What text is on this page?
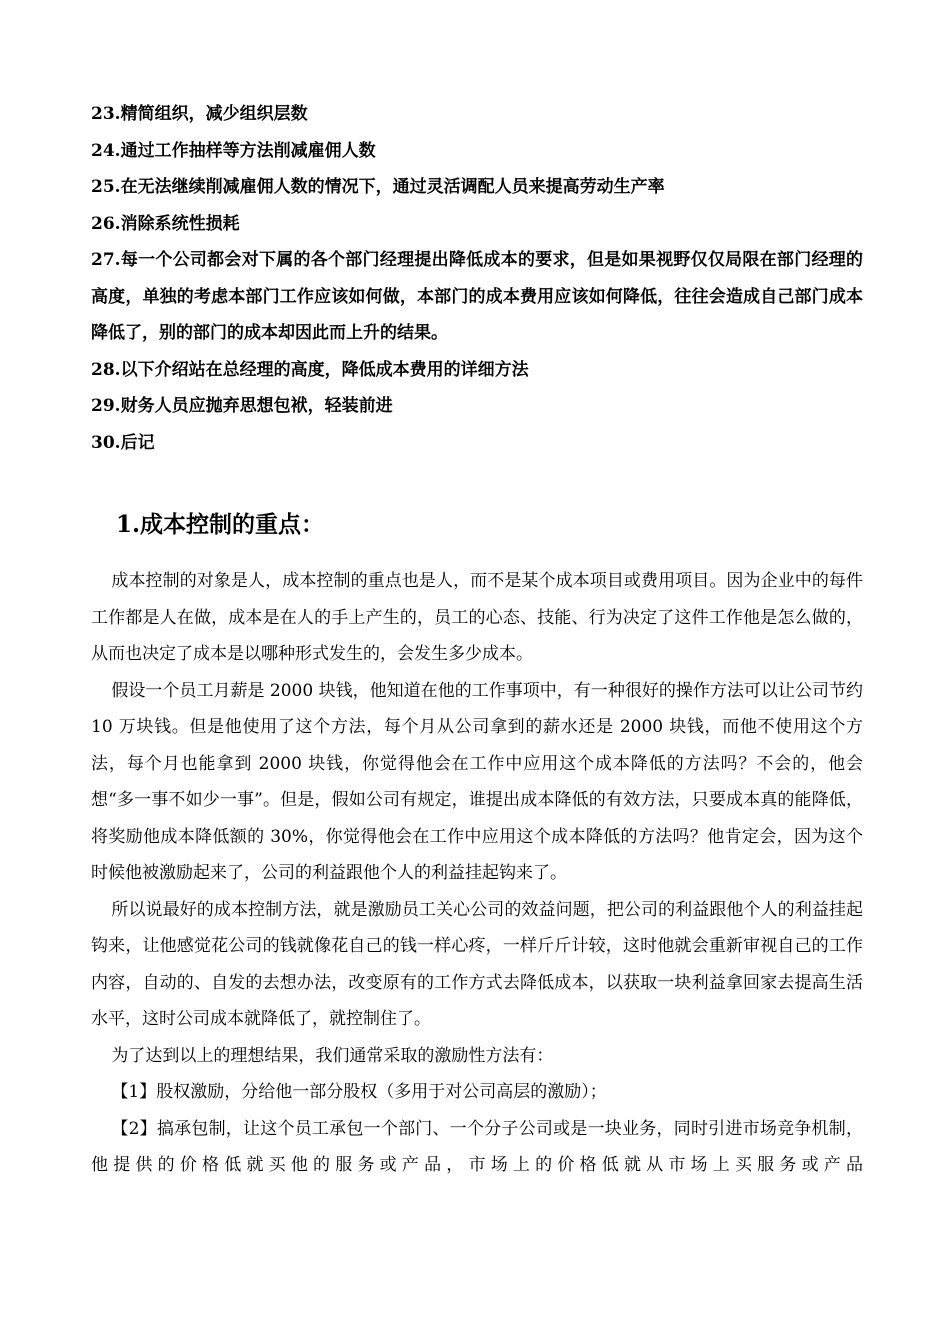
23.精简组织，减少组织层数

24.通过工作抽样等方法削减雇佣人数

25.在无法继续削减雇佣人数的情况下，通过灵活调配人员来提高劳动生产率

26.消除系统性损耗

27.每一个公司都会对下属的各个部门经理提出降低成本的要求，但是如果视野仅仅局限在部门经理的高度，单独的考虑本部门工作应该如何做，本部门的成本费用应该如何降低，往往会造成自己部门成本降低了，别的部门的成本却因此而上升的结果。

28.以下介绍站在总经理的高度，降低成本费用的详细方法

29.财务人员应抛弃思想包袱，轻装前进

30.后记

1.成本控制的重点：

成本控制的对象是人，成本控制的重点也是人，而不是某个成本项目或费用项目。因为企业中的每件工作都是人在做，成本是在人的手上产生的，员工的心态、技能、行为决定了这件工作他是怎么做的，从而也决定了成本是以哪种形式发生的，会发生多少成本。

假设一个员工月薪是 2000 块钱，他知道在他的工作事项中，有一种很好的操作方法可以让公司节约 10 万块钱。但是他使用了这个方法，每个月从公司拿到的薪水还是 2000 块钱，而他不使用这个方法，每个月也能拿到 2000 块钱，你觉得他会在工作中应用这个成本降低的方法吗？不会的，他会想“多一事不如少一事”。但是，假如公司有规定，谁提出成本降低的有效方法，只要成本真的能降低，将奖励他成本降低额的 30%，你觉得他会在工作中应用这个成本降低的方法吗？他肯定会，因为这个时候他被激励起来了，公司的利益跟他个人的利益挂起钩来了。

所以说最好的成本控制方法，就是激励员工关心公司的效益问题，把公司的利益跟他个人的利益挂起钩来，让他感觉花公司的钱就像花自己的钱一样心疼，一样斤斤计较，这时他就会重新审视自己的工作内容，自动的、自发的去想办法，改变原有的工作方式去降低成本，以获取一块利益拿回家去提高生活水平，这时公司成本就降低了，就控制住了。

为了达到以上的理想结果，我们通常采取的激励性方法有：

【1】股权激励，分给他一部分股权（多用于对公司高层的激励）；

【2】搞承包制，让这个员工承包一个部门、一个分子公司或是一块业务，同时引进市场竞争机制，他提供的价格低就买他的服务或产品，市场上的价格低就从市场上买服务或产品
